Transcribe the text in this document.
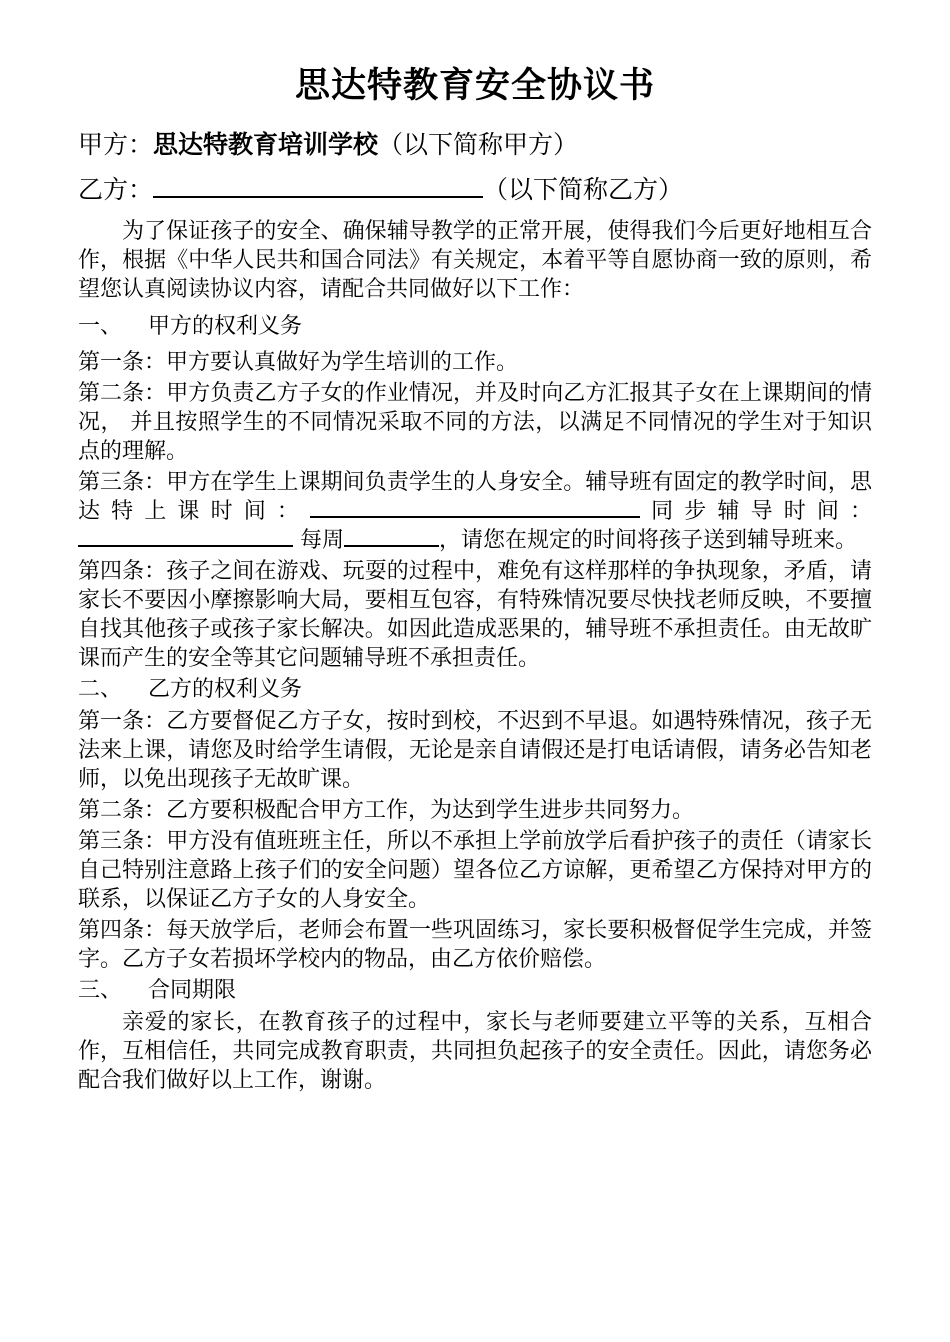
思达特教育安全协议书
甲方：思达特教育培训学校（以下简称甲方）
乙方：	（以下简称乙方）

为了保证孩子的安全、确保辅导教学的正常开展，使得我们今后更好地相互合作，根据《中华人民共和国合同法》有关规定，本着平等自愿协商一致的原则，希望您认真阅读协议内容，请配合共同做好以下工作：

一、 甲方的权利义务

第一条：甲方要认真做好为学生培训的工作。

第二条：甲方负责乙方子女的作业情况，并及时向乙方汇报其子女在上课期间的情况， 并且按照学生的不同情况采取不同的方法，以满足不同情况的学生对于知识点的理解。

第三条：甲方在学生上课期间负责学生的人身安全。辅导班有固定的教学时间，思达特上课时间：	同步辅导时间： 每周	，请您在规定的时间将孩子送到辅导班来。

第四条：孩子之间在游戏、玩耍的过程中，难免有这样那样的争执现象，矛盾，请家长不要因小摩擦影响大局，要相互包容，有特殊情况要尽快找老师反映，不要擅自找其他孩子或孩子家长解决。如因此造成恶果的，辅导班不承担责任。由无故旷课而产生的安全等其它问题辅导班不承担责任。

二、 乙方的权利义务

第一条：乙方要督促乙方子女，按时到校，不迟到不早退。如遇特殊情况，孩子无法来上课，请您及时给学生请假，无论是亲自请假还是打电话请假，请务必告知老师，以免出现孩子无故旷课。

第二条：乙方要积极配合甲方工作，为达到学生进步共同努力。

第三条：甲方没有值班班主任，所以不承担上学前放学后看护孩子的责任（请家长自己特别注意路上孩子们的安全问题）望各位乙方谅解，更希望乙方保持对甲方的联系，以保证乙方子女的人身安全。

第四条：每天放学后，老师会布置一些巩固练习，家长要积极督促学生完成，并签字。乙方子女若损坏学校内的物品，由乙方依价赔偿。

三、 合同期限

亲爱的家长，在教育孩子的过程中，家长与老师要建立平等的关系，互相合作，互相信任，共同完成教育职责，共同担负起孩子的安全责任。因此，请您务必配合我们做好以上工作，谢谢。
